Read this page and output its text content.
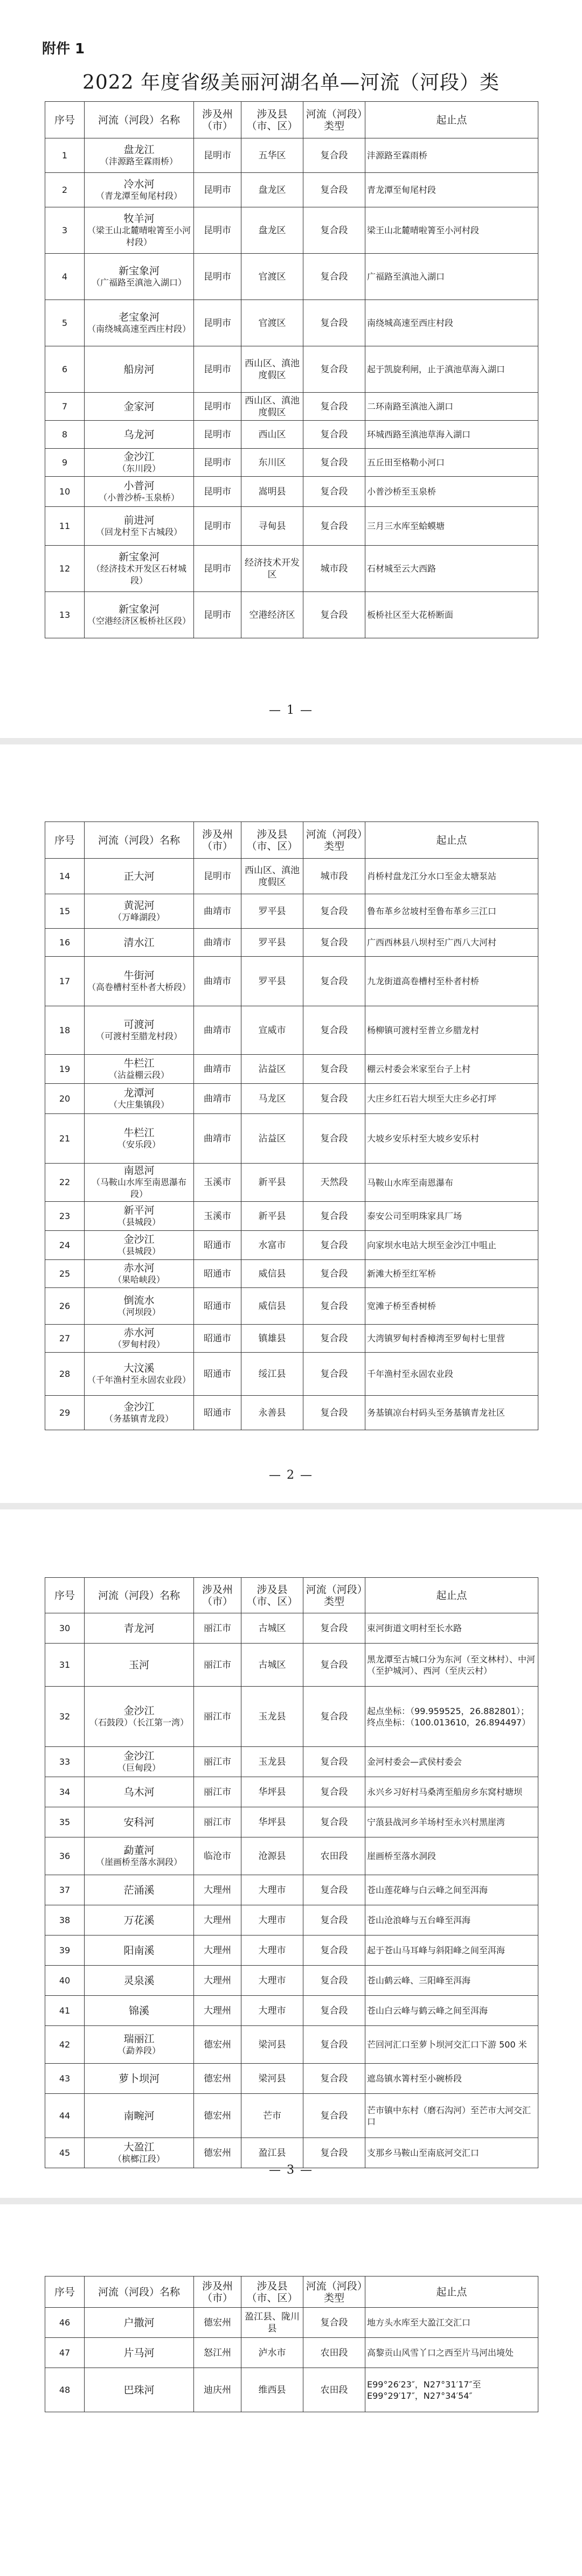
附件 1
2022 年度省级美丽河湖名单—河流（河段）类
序号	河流（河段）名称	涉及州（市）	涉及县（市、区）	河流（河段）类型	起止点
1	盘龙江
（沣源路至霖雨桥）	昆明市	五华区	复合段	沣源路至霖雨桥
2	冷水河
（青龙潭至甸尾村段）	昆明市	盘龙区	复合段	青龙潭至甸尾村段
3	牧羊河
（梁王山北麓晴啦箐至小河村段）	昆明市	盘龙区	复合段	梁王山北麓晴啦箐至小河村段
4	新宝象河
（广福路至滇池入湖口）	昆明市	官渡区	复合段	广福路至滇池入湖口
5	老宝象河
（南绕城高速至西庄村段）	昆明市	官渡区	复合段	南绕城高速至西庄村段
6	船房河	昆明市	西山区、滇池度假区	复合段	起于凯旋利闸，止于滇池草海入湖口
7	金家河	昆明市	西山区、滇池度假区	复合段	二环南路至滇池入湖口
8	乌龙河	昆明市	西山区	复合段	环城西路至滇池草海入湖口
9	金沙江
（东川段）	昆明市	东川区	复合段	五丘田至格勒小河口
10	小普河
（小普沙桥-玉泉桥）	昆明市	嵩明县	复合段	小普沙桥至玉泉桥
11	前进河
（回龙村至下古城段）	昆明市	寻甸县	复合段	三月三水库至蛤蟆塘
12	新宝象河
（经济技术开发区石材城段）	昆明市	经济技术开发区	城市段	石材城至云大西路
13	新宝象河
（空港经济区板桥社区段）	昆明市	空港经济区	复合段	板桥社区至大花桥断面
— 1 —
序号	河流（河段）名称	涉及州（市）	涉及县（市、区）	河流（河段）类型	起止点
14	正大河	昆明市	西山区、滇池度假区	城市段	肖桥村盘龙江分水口至金太塘泵站
15	黄泥河
（万峰湖段）	曲靖市	罗平县	复合段	鲁布革乡岔坡村至鲁布革乡三江口
16	清水江	曲靖市	罗平县	复合段	广西西林县八坝村至广西八大河村
17	牛街河
（高卷槽村至朴者大桥段）	曲靖市	罗平县	复合段	九龙街道高卷槽村至朴者村桥
18	可渡河
（可渡村至腊龙村段）	曲靖市	宣威市	复合段	杨柳镇可渡村至普立乡腊龙村
19	牛栏江
（沾益棚云段）	曲靖市	沾益区	复合段	棚云村委会米家至台子上村
20	龙潭河
（大庄集镇段）	曲靖市	马龙区	复合段	大庄乡红石岩大坝至大庄乡必打坪
21	牛栏江
（安乐段）	曲靖市	沾益区	复合段	大坡乡安乐村至大坡乡安乐村
22	南恩河
（马鞍山水库至南恩瀑布段）	玉溪市	新平县	天然段	马鞍山水库至南恩瀑布
23	新平河
（县城段）	玉溪市	新平县	复合段	泰安公司至明珠家具厂场
24	金沙江
（县城段）	昭通市	水富市	复合段	向家坝水电站大坝至金沙江中咀止
25	赤水河
（果哈峡段）	昭通市	威信县	复合段	新滩大桥至红军桥
26	倒流水
（河坝段）	昭通市	威信县	复合段	宽滩子桥至香树桥
27	赤水河
（罗甸村段）	昭通市	镇雄县	复合段	大湾镇罗甸村香樟湾至罗甸村七里营
28	大汶溪
（千年渔村至永固农业段）	昭通市	绥江县	复合段	千年渔村至永固农业段
29	金沙江
（务基镇青龙段）	昭通市	永善县	复合段	务基镇凉台村码头至务基镇青龙社区
— 2 —
序号	河流（河段）名称	涉及州（市）	涉及县（市、区）	河流（河段）类型	起止点
30	青龙河	丽江市	古城区	复合段	束河街道文明村至长水路
31	玉河	丽江市	古城区	复合段	黑龙潭至古城口分为东河（至文林村）、中河（至护城河）、西河（至庆云村）
32	金沙江
（石鼓段）（长江第一湾）	丽江市	玉龙县	复合段	起点坐标：（99.959525，26.882801）；终点坐标：（100.013610，26.894497）
33	金沙江
（巨甸段）	丽江市	玉龙县	复合段	金河村委会—武侯村委会
34	乌木河	丽江市	华坪县	复合段	永兴乡习好村马桑湾至船房乡东窝村塘坝
35	安科河	丽江市	华坪县	复合段	宁蒗县战河乡羊场村至永兴村黑崖湾
36	勐董河
（崖画桥至落水洞段）	临沧市	沧源县	农田段	崖画桥至落水洞段
37	茫涌溪	大理州	大理市	复合段	苍山莲花峰与白云峰之间至洱海
38	万花溪	大理州	大理市	复合段	苍山沧浪峰与五台峰至洱海
39	阳南溪	大理州	大理市	复合段	起于苍山马耳峰与斜阳峰之间至洱海
40	灵泉溪	大理州	大理市	复合段	苍山鹤云峰、三阳峰至洱海
41	锦溪	大理州	大理市	复合段	苍山白云峰与鹤云峰之间至洱海
42	瑞丽江
（勐养段）	德宏州	梁河县	复合段	芒回河汇口至萝卜坝河交汇口下游 500 米
43	萝卜坝河	德宏州	梁河县	复合段	遮岛镇水箐村至小碗桥段
44	南畹河	德宏州	芒市	复合段	芒市镇中东村（磨石沟河）至芒市大河交汇口
45	大盈江
（槟榔江段）	德宏州	盈江县	复合段	支那乡马鞍山至南底河交汇口
— 3 —
序号	河流（河段）名称	涉及州（市）	涉及县（市、区）	河流（河段）类型	起止点
46	户撒河	德宏州	盈江县、陇川县	复合段	地方头水库至大盈江交汇口
47	片马河	怒江州	泸水市	农田段	高黎贡山风雪丫口之西至片马河出境处
48	巴珠河	迪庆州	维西县	农田段	E99°26′23″，N27°31′17″至 E99°29′17″，N27°34′54″
